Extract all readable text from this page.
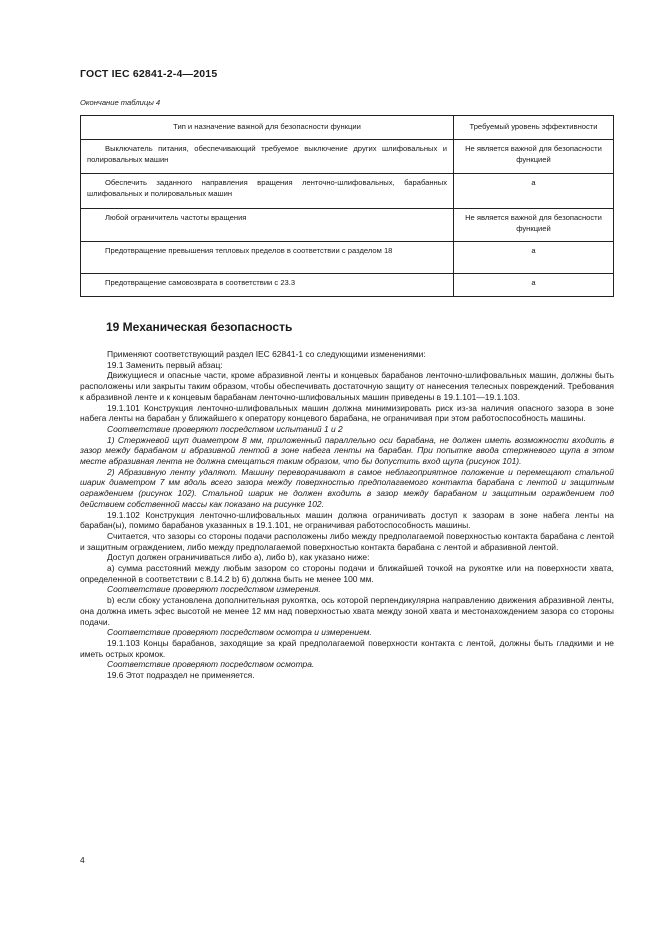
ГОСТ IEC 62841-2-4—2015
Окончание таблицы 4
Тип и назначение важной для безопасности функции	Требуемый уровень эффективности
Выключатель питания, обеспечивающий требуемое выключение других шлифовальных и полировальных машин	Не является важной для безопасности функцией
Обеспечить заданного направления вращения ленточно-шлифовальных, барабанных шлифовальных и полировальных машин	a
Любой ограничитель частоты вращения	Не является важной для безопасности функцией
Предотвращение превышения тепловых пределов в соответствии с разделом 18	a
Предотвращение самовозврата в соответствии с 23.3	a
19 Механическая безопасность

Применяют соответствующий раздел IEC 62841-1 со следующими изменениями:

19.1 Заменить первый абзац:

Движущиеся и опасные части, кроме абразивной ленты и концевых барабанов ленточно-шлифовальных машин, должны быть расположены или закрыты таким образом, чтобы обеспечивать достаточную защиту от нанесения телесных повреждений. Требования к абразивной ленте и к концевым барабанам ленточно-шлифовальных машин приведены в 19.1.101—19.1.103.

19.1.101 Конструкция ленточно-шлифовальных машин должна минимизировать риск из-за наличия опасного зазора в зоне набега ленты на барабан у ближайшего к оператору концевого барабана, не ограничивая при этом работоспособность машины.

Соответствие проверяют посредством испытаний 1 и 2

1) Стержневой щуп диаметром 8 мм, приложенный параллельно оси барабана, не должен иметь возможности входить в зазор между барабаном и абразивной лентой в зоне набега ленты на барабан. При попытке ввода стержневого щупа в этом месте абразивная лента не должна смещаться таким образом, что бы допустить вход щупа (рисунок 101).

2) Абразивную ленту удаляют. Машину переворачивают в самое неблагоприятное положение и перемещают стальной шарик диаметром 7 мм вдоль всего зазора между поверхностью предполагаемого контакта барабана с лентой и защитным ограждением (рисунок 102). Стальной шарик не должен входить в зазор между барабаном и защитным ограждением под действием собственной массы как показано на рисунке 102.

19.1.102 Конструкция ленточно-шлифовальных машин должна ограничивать доступ к зазорам в зоне набега ленты на барабан(ы), помимо барабанов указанных в 19.1.101, не ограничивая работоспособность машины.

Считается, что зазоры со стороны подачи расположены либо между предполагаемой поверхностью контакта барабана с лентой и защитным ограждением, либо между предполагаемой поверхностью контакта барабана с лентой и абразивной лентой.

Доступ должен ограничиваться либо a), либо b), как указано ниже:

a) сумма расстояний между любым зазором со стороны подачи и ближайшей точкой на рукоятке или на поверхности хвата, определенной в соответствии с 8.14.2 b) 6) должна быть не менее 100 мм.

Соответствие проверяют посредством измерения.

b) если сбоку установлена дополнительная рукоятка, ось которой перпендикулярна направлению движения абразивной ленты, она должна иметь эфес высотой не менее 12 мм над поверхностью хвата между зоной хвата и местонахождением зазора со стороны подачи.

Соответствие проверяют посредством осмотра и измерением.

19.1.103 Концы барабанов, заходящие за край предполагаемой поверхности контакта с лентой, должны быть гладкими и не иметь острых кромок.

Соответствие проверяют посредством осмотра.

19.6 Этот подраздел не применяется.

4
